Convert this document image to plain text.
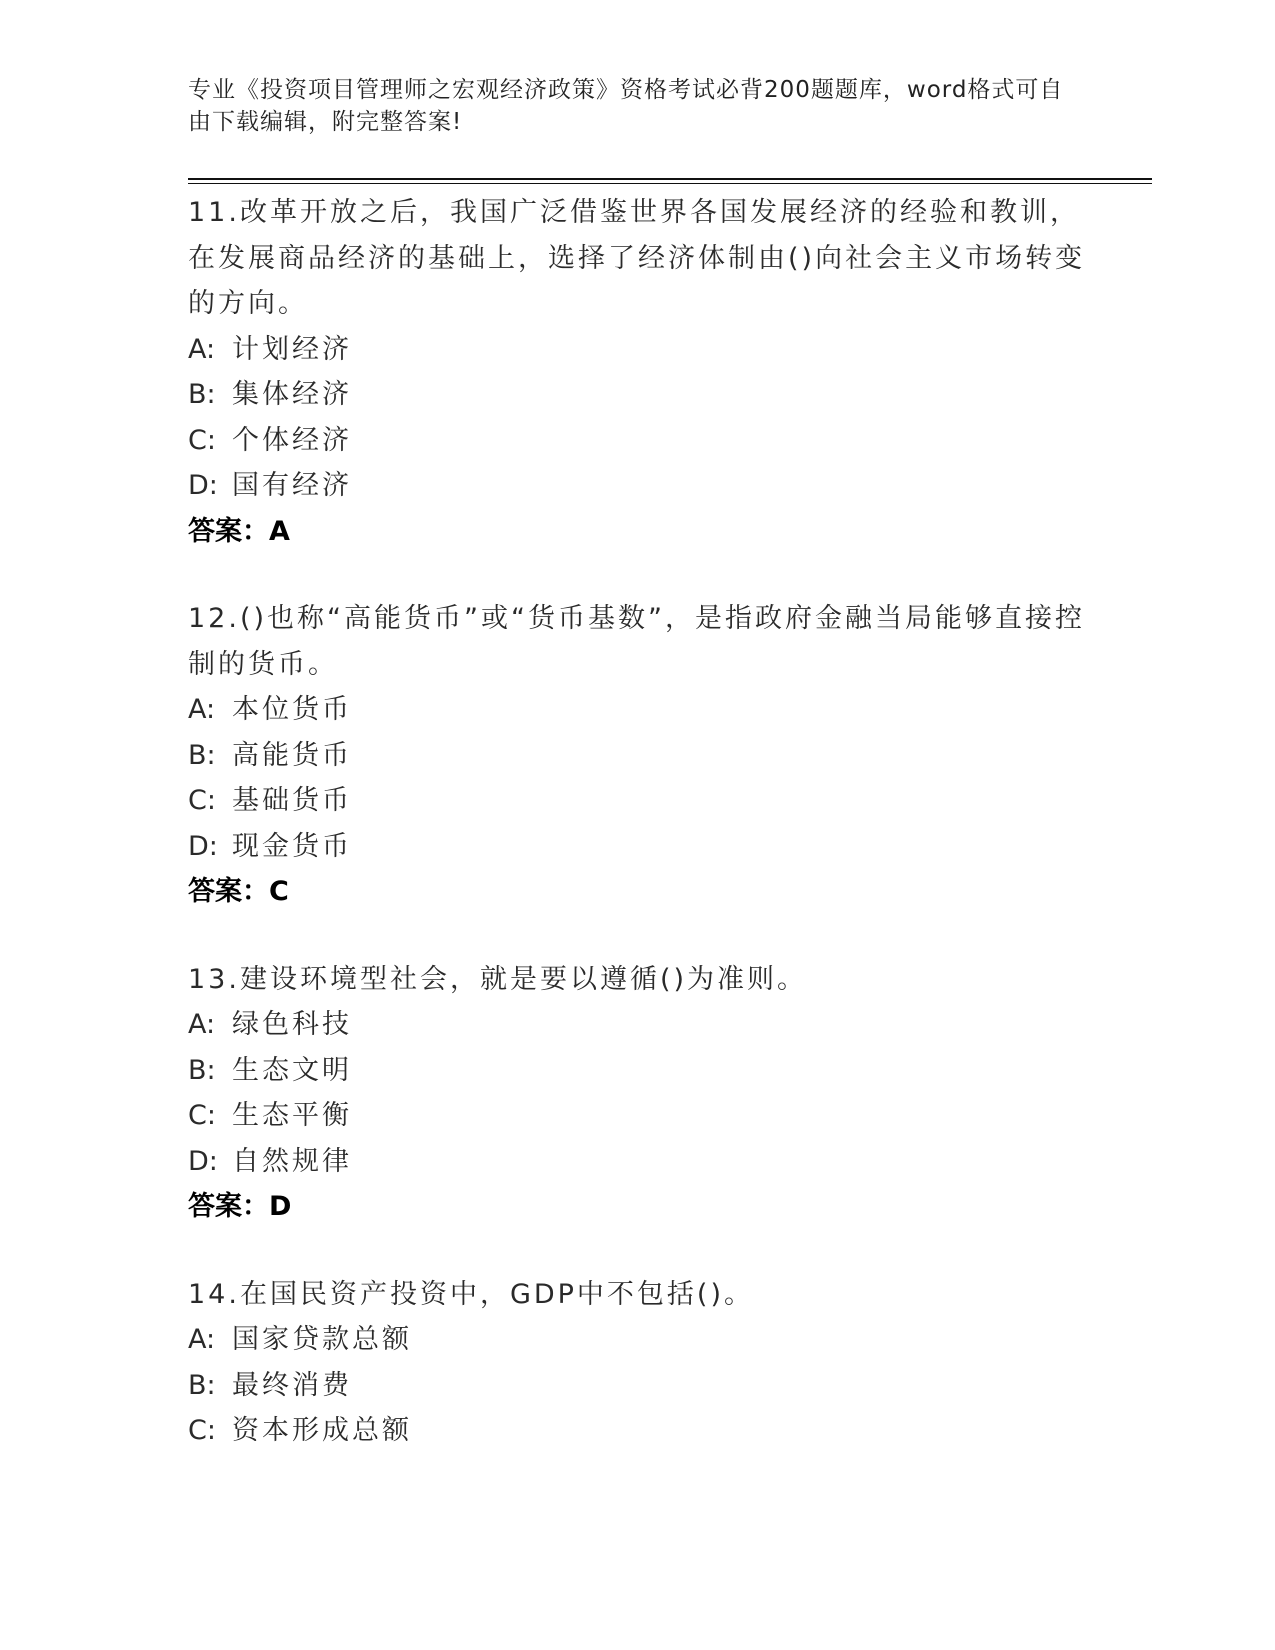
专业《投资项目管理师之宏观经济政策》资格考试必背200题题库，word格式可自由下载编辑，附完整答案!
11.改革开放之后，我国广泛借鉴世界各国发展经济的经验和教训，在发展商品经济的基础上，选择了经济体制由()向社会主义市场转变的方向。
A: 计划经济
B: 集体经济
C: 个体经济
D: 国有经济
答案：A
12.()也称“高能货币”或“货币基数”，是指政府金融当局能够直接控制的货币。
A: 本位货币
B: 高能货币
C: 基础货币
D: 现金货币
答案：C
13.建设环境型社会，就是要以遵循()为准则。
A: 绿色科技
B: 生态文明
C: 生态平衡
D: 自然规律
答案：D
14.在国民资产投资中，GDP中不包括()。
A: 国家贷款总额
B: 最终消费
C: 资本形成总额
